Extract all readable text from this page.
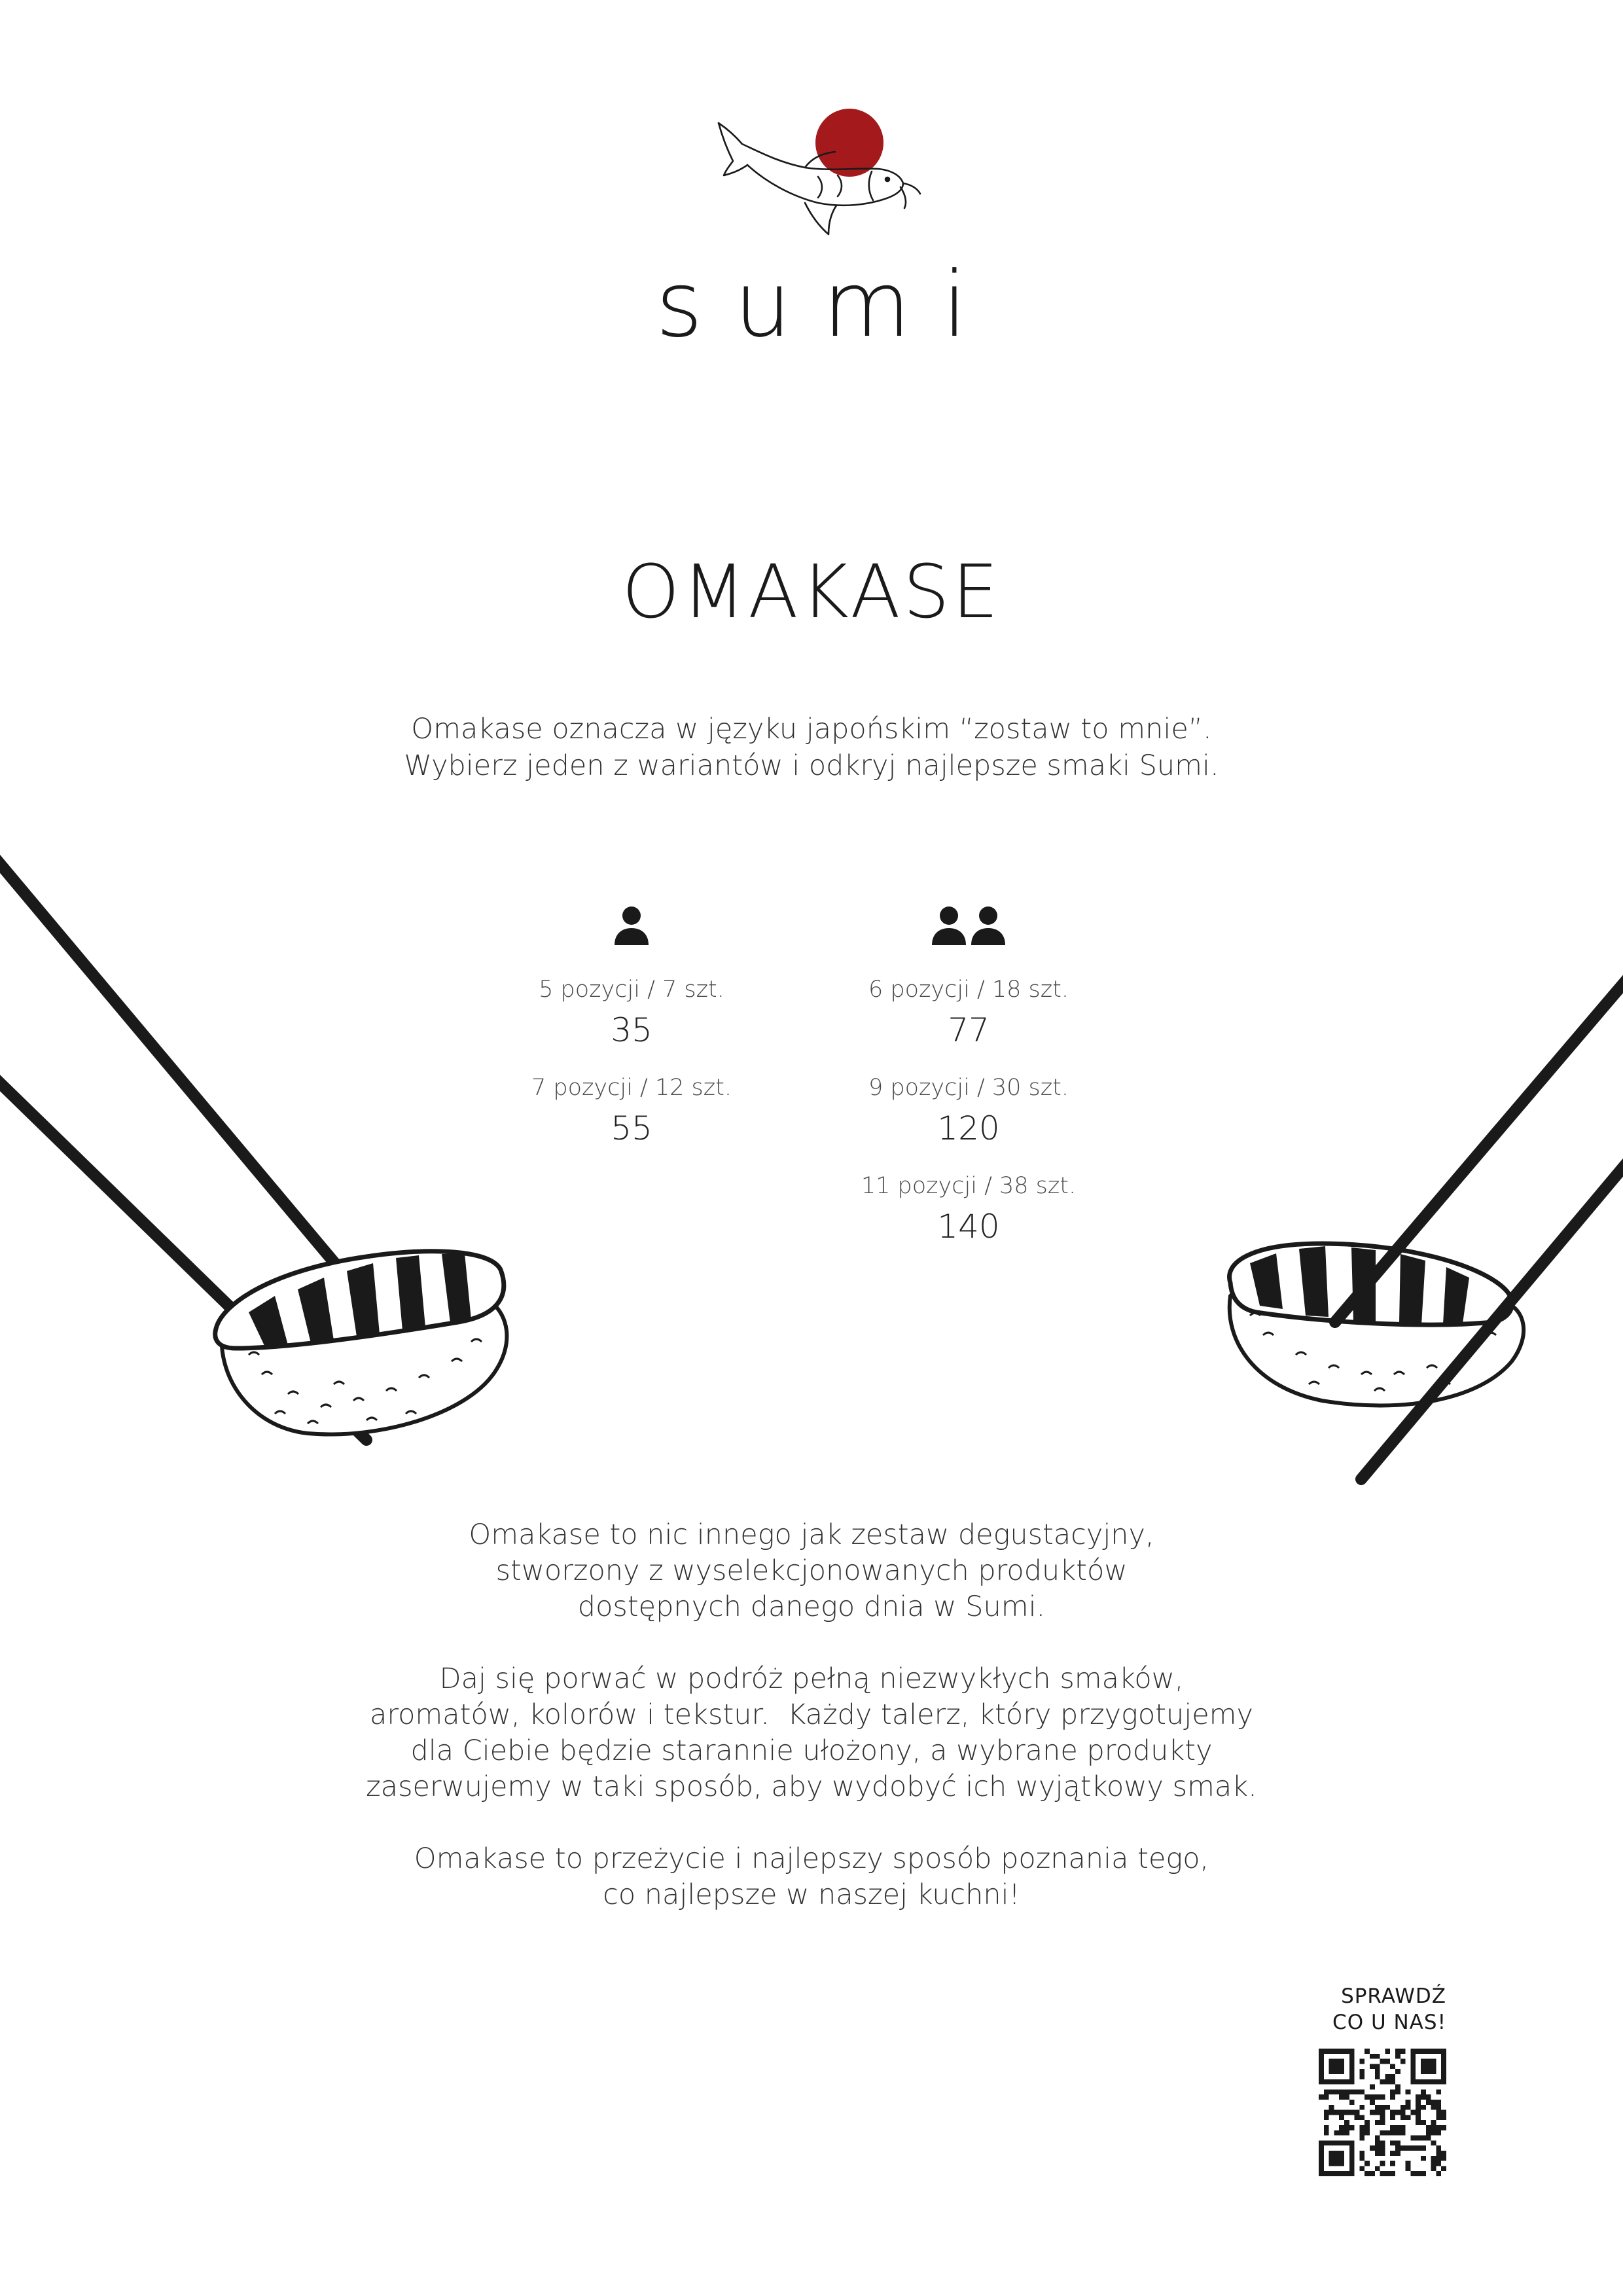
sumi
OMAKASE
Omakase oznacza w języku japońskim “zostaw to mnie”.
Wybierz jeden z wariantów i odkryj najlepsze smaki Sumi.
5 pozycji / 7 szt.
35
7 pozycji / 12 szt.
55
6 pozycji / 18 szt.
77
9 pozycji / 30 szt.
120
11 pozycji / 38 szt.
140
Omakase to nic innego jak zestaw degustacyjny,
stworzony z wyselekcjonowanych produktów
dostępnych danego dnia w Sumi.
Daj się porwać w podróż pełną niezwykłych smaków,
aromatów, kolorów i tekstur.  Każdy talerz, który przygotujemy
dla Ciebie będzie starannie ułożony, a wybrane produkty
zaserwujemy w taki sposób, aby wydobyć ich wyjątkowy smak.
Omakase to przeżycie i najlepszy sposób poznania tego,
co najlepsze w naszej kuchni!
SPRAWDŹ
CO U NAS!
